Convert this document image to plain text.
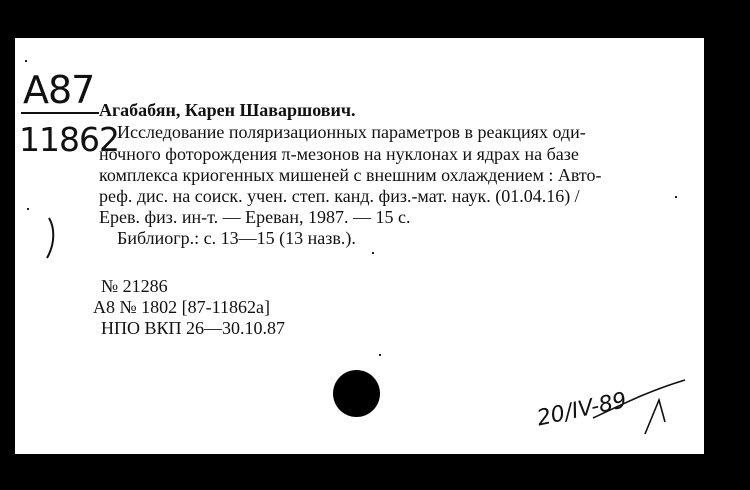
А87
11862
Агабабян, Карен Шаваршович.
Исследование поляризационных параметров в реакциях оди-
ночного фоторождения π-мезонов на нуклонах и ядрах на базе
комплекса криогенных мишеней с внешним охлаждением : Авто-
реф. дис. на соиск. учен. степ. канд. физ.-мат. наук. (01.04.16) /
Ерев. физ. ин-т. — Ереван, 1987. — 15 с.
Библиогр.: с. 13—15 (13 назв.).
№ 21286
А8 № 1802 [87-11862а]
НПО ВКП 26—30.10.87
20/IV-89
